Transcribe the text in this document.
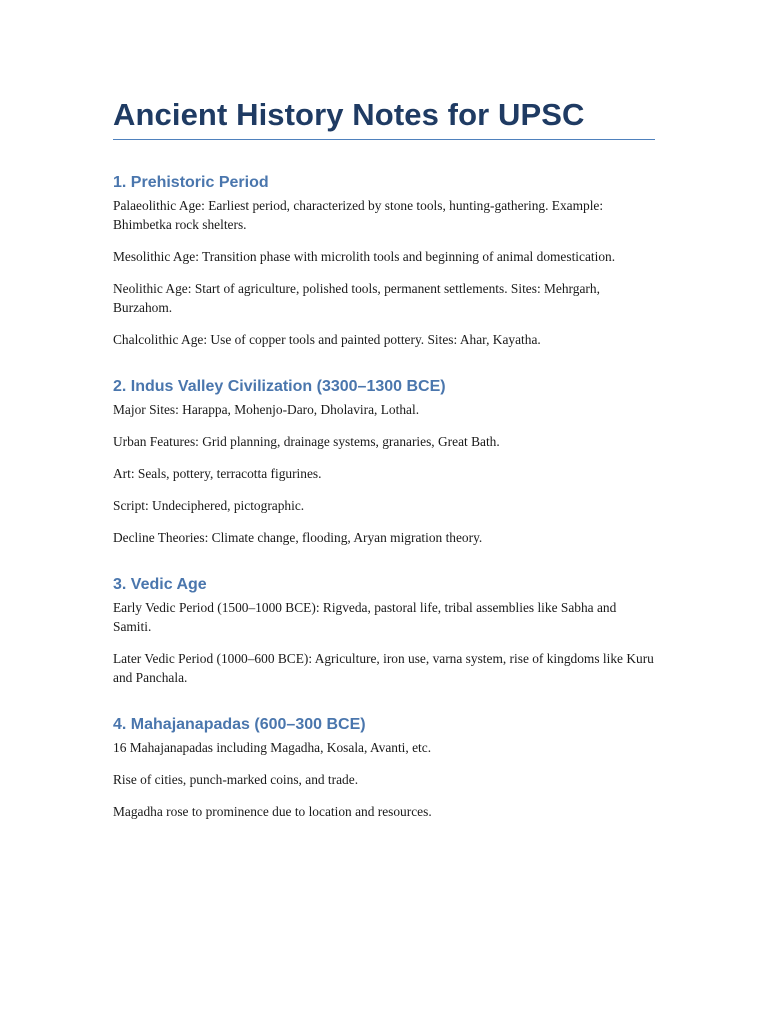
Ancient History Notes for UPSC
1. Prehistoric Period

Palaeolithic Age: Earliest period, characterized by stone tools, hunting-gathering. Example: Bhimbetka rock shelters.

Mesolithic Age: Transition phase with microlith tools and beginning of animal domestication.

Neolithic Age: Start of agriculture, polished tools, permanent settlements. Sites: Mehrgarh, Burzahom.

Chalcolithic Age: Use of copper tools and painted pottery. Sites: Ahar, Kayatha.

2. Indus Valley Civilization (3300–1300 BCE)

Major Sites: Harappa, Mohenjo-Daro, Dholavira, Lothal.

Urban Features: Grid planning, drainage systems, granaries, Great Bath.

Art: Seals, pottery, terracotta figurines.

Script: Undeciphered, pictographic.

Decline Theories: Climate change, flooding, Aryan migration theory.

3. Vedic Age

Early Vedic Period (1500–1000 BCE): Rigveda, pastoral life, tribal assemblies like Sabha and Samiti.

Later Vedic Period (1000–600 BCE): Agriculture, iron use, varna system, rise of kingdoms like Kuru and Panchala.

4. Mahajanapadas (600–300 BCE)

16 Mahajanapadas including Magadha, Kosala, Avanti, etc.

Rise of cities, punch-marked coins, and trade.

Magadha rose to prominence due to location and resources.
